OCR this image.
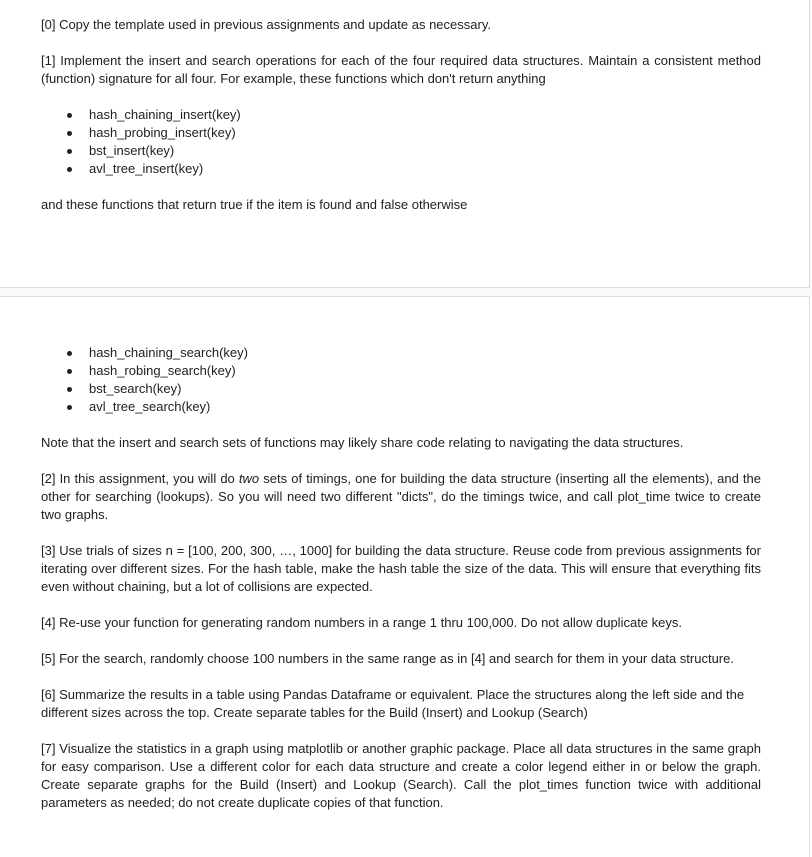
[0] Copy the template used in previous assignments and update as necessary.

[1] Implement the insert and search operations for each of the four required data structures. Maintain a consistent method (function) signature for all four. For example, these functions which don't return anything

hash_chaining_insert(key)
hash_probing_insert(key)
bst_insert(key)
avl_tree_insert(key)

and these functions that return true if the item is found and false otherwise

hash_chaining_search(key)
hash_robing_search(key)
bst_search(key)
avl_tree_search(key)

Note that the insert and search sets of functions may likely share code relating to navigating the data structures.

[2] In this assignment, you will do two sets of timings, one for building the data structure (inserting all the elements), and the other for searching (lookups). So you will need two different "dicts", do the timings twice, and call plot_time twice to create two graphs.

[3] Use trials of sizes n = [100, 200, 300, …, 1000] for building the data structure. Reuse code from previous assignments for iterating over different sizes. For the hash table, make the hash table the size of the data. This will ensure that everything fits even without chaining, but a lot of collisions are expected.

[4] Re-use your function for generating random numbers in a range 1 thru 100,000. Do not allow duplicate keys.

[5] For the search, randomly choose 100 numbers in the same range as in [4] and search for them in your data structure.

[6] Summarize the results in a table using Pandas Dataframe or equivalent. Place the structures along the left side and the different sizes across the top. Create separate tables for the Build (Insert) and Lookup (Search)

[7] Visualize the statistics in a graph using matplotlib or another graphic package. Place all data structures in the same graph for easy comparison. Use a different color for each data structure and create a color legend either in or below the graph. Create separate graphs for the Build (Insert) and Lookup (Search). Call the plot_times function twice with additional parameters as needed; do not create duplicate copies of that function.
